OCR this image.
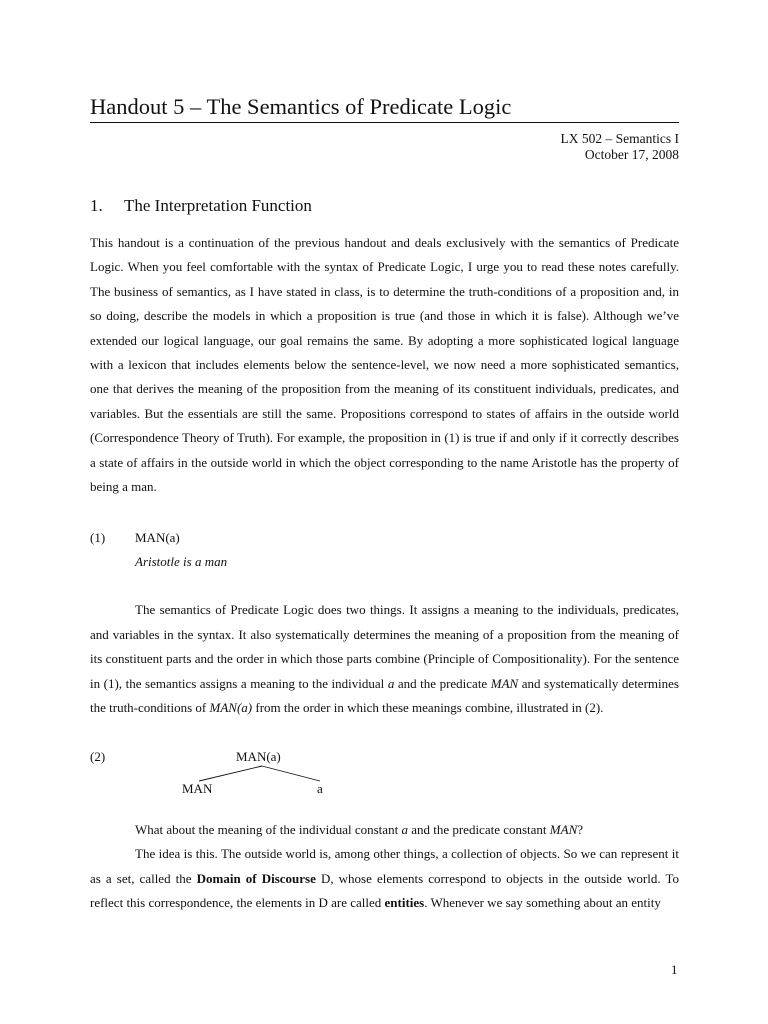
Handout 5 – The Semantics of Predicate Logic
LX 502 – Semantics I
October 17, 2008
1. The Interpretation Function

This handout is a continuation of the previous handout and deals exclusively with the semantics of Predicate Logic. When you feel comfortable with the syntax of Predicate Logic, I urge you to read these notes carefully. The business of semantics, as I have stated in class, is to determine the truth-conditions of a proposition and, in so doing, describe the models in which a proposition is true (and those in which it is false). Although we’ve extended our logical language, our goal remains the same. By adopting a more sophisticated logical language with a lexicon that includes elements below the sentence-level, we now need a more sophisticated semantics, one that derives the meaning of the proposition from the meaning of its constituent individuals, predicates, and variables. But the essentials are still the same. Propositions correspond to states of affairs in the outside world (Correspondence Theory of Truth). For example, the proposition in (1) is true if and only if it correctly describes a state of affairs in the outside world in which the object corresponding to the name Aristotle has the property of being a man.

(1) MAN(a)
Aristotle is a man

The semantics of Predicate Logic does two things. It assigns a meaning to the individuals, predicates, and variables in the syntax. It also systematically determines the meaning of a proposition from the meaning of its constituent parts and the order in which those parts combine (Principle of Compositionality). For the sentence in (1), the semantics assigns a meaning to the individual a and the predicate MAN and systematically determines the truth-conditions of MAN(a) from the order in which these meanings combine, illustrated in (2).

(2)	MAN(a)
MAN	a

What about the meaning of the individual constant a and the predicate constant MAN?

The idea is this. The outside world is, among other things, a collection of objects. So we can represent it as a set, called the Domain of Discourse D, whose elements correspond to objects in the outside world. To reflect this correspondence, the elements in D are called entities. Whenever we say something about an entity

1
